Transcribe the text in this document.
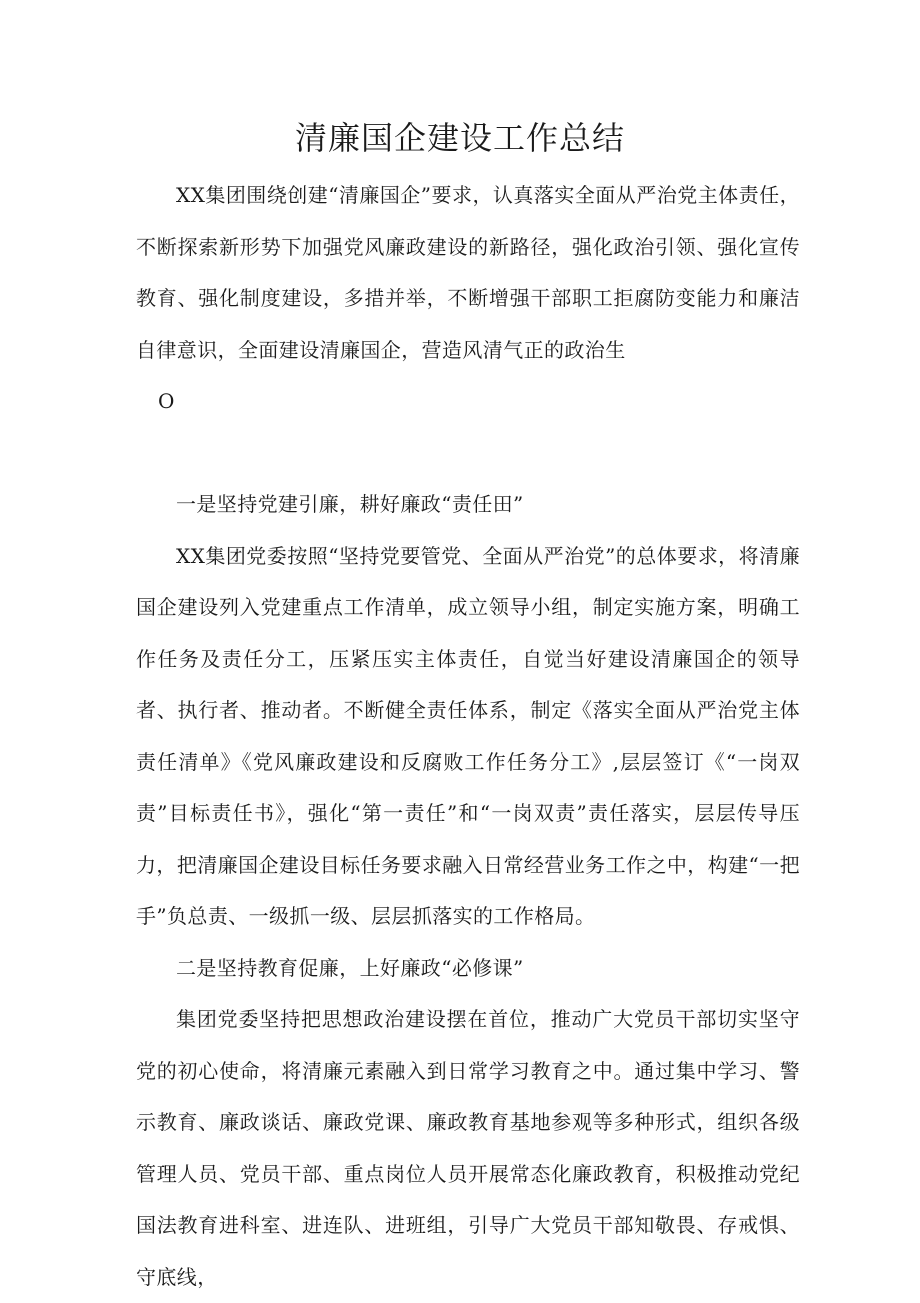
清廉国企建设工作总结

XX集团围绕创建“清廉国企”要求，认真落实全面从严治党主体责任，不断探索新形势下加强党风廉政建设的新路径，强化政治引领、强化宣传教育、强化制度建设，多措并举，不断增强干部职工拒腐防变能力和廉洁自律意识，全面建设清廉国企，营造风清气正的政治生

O

一是坚持党建引廉，耕好廉政“责任田”

XX集团党委按照“坚持党要管党、全面从严治党”的总体要求，将清廉国企建设列入党建重点工作清单，成立领导小组，制定实施方案，明确工作任务及责任分工，压紧压实主体责任，自觉当好建设清廉国企的领导者、执行者、推动者。不断健全责任体系，制定《落实全面从严治党主体责任清单》《党风廉政建设和反腐败工作任务分工》,层层签订《“一岗双责”目标责任书》，强化“第一责任”和“一岗双责”责任落实，层层传导压力，把清廉国企建设目标任务要求融入日常经营业务工作之中，构建“一把手”负总责、一级抓一级、层层抓落实的工作格局。

二是坚持教育促廉，上好廉政“必修课”

集团党委坚持把思想政治建设摆在首位，推动广大党员干部切实坚守党的初心使命，将清廉元素融入到日常学习教育之中。通过集中学习、警示教育、廉政谈话、廉政党课、廉政教育基地参观等多种形式，组织各级管理人员、党员干部、重点岗位人员开展常态化廉政教育，积极推动党纪国法教育进科室、进连队、进班组，引导广大党员干部知敬畏、存戒惧、守底线，
